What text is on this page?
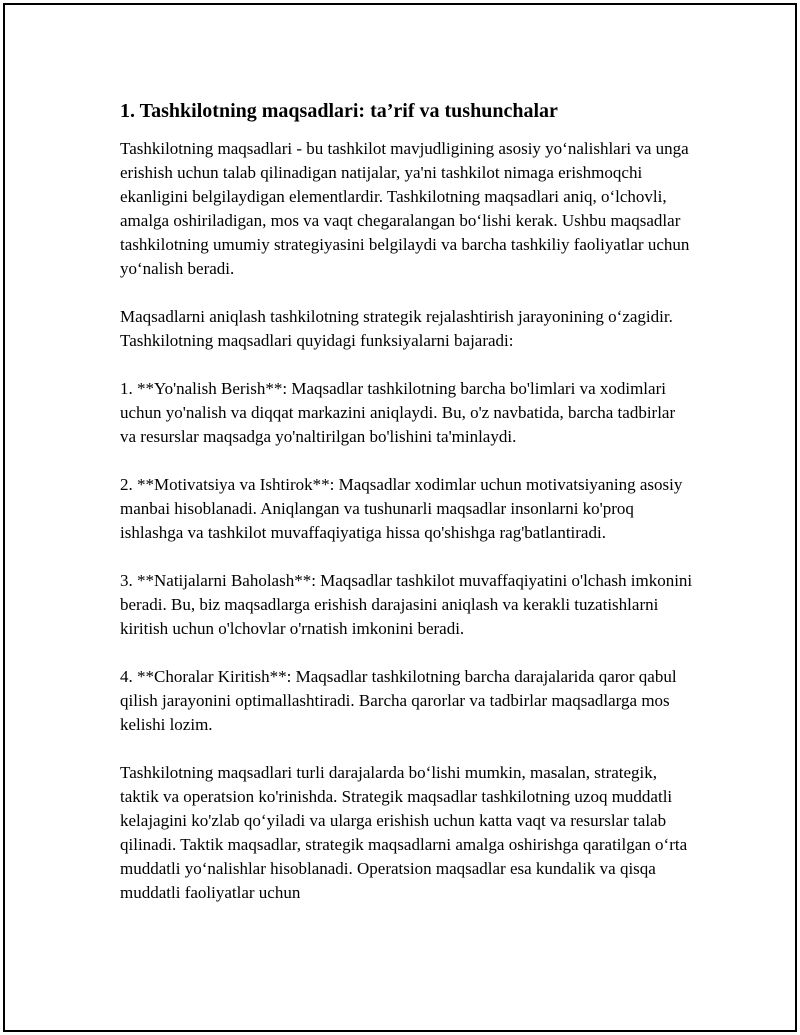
1. Tashkilotning maqsadlari: ta’rif va tushunchalar

Tashkilotning maqsadlari - bu tashkilot mavjudligining asosiy yoʻnalishlari va unga erishish uchun talab qilinadigan natijalar, ya'ni tashkilot nimaga erishmoqchi ekanligini belgilaydigan elementlardir. Tashkilotning maqsadlari aniq, oʻlchovli, amalga oshiriladigan, mos va vaqt chegaralangan boʻlishi kerak. Ushbu maqsadlar tashkilotning umumiy strategiyasini belgilaydi va barcha tashkiliy faoliyatlar uchun yoʻnalish beradi.

Maqsadlarni aniqlash tashkilotning strategik rejalashtirish jarayonining oʻzagidir. Tashkilotning maqsadlari quyidagi funksiyalarni bajaradi:

1. **Yo'nalish Berish**: Maqsadlar tashkilotning barcha bo'limlari va xodimlari uchun yo'nalish va diqqat markazini aniqlaydi. Bu, o'z navbatida, barcha tadbirlar va resurslar maqsadga yo'naltirilgan bo'lishini ta'minlaydi.

2. **Motivatsiya va Ishtirok**: Maqsadlar xodimlar uchun motivatsiyaning asosiy manbai hisoblanadi. Aniqlangan va tushunarli maqsadlar insonlarni ko'proq ishlashga va tashkilot muvaffaqiyatiga hissa qo'shishga rag'batlantiradi.

3. **Natijalarni Baholash**: Maqsadlar tashkilot muvaffaqiyatini o'lchash imkonini beradi. Bu, biz maqsadlarga erishish darajasini aniqlash va kerakli tuzatishlarni kiritish uchun o'lchovlar o'rnatish imkonini beradi.

4. **Choralar Kiritish**: Maqsadlar tashkilotning barcha darajalarida qaror qabul qilish jarayonini optimallashtiradi. Barcha qarorlar va tadbirlar maqsadlarga mos kelishi lozim.

Tashkilotning maqsadlari turli darajalarda boʻlishi mumkin, masalan, strategik, taktik va operatsion ko'rinishda. Strategik maqsadlar tashkilotning uzoq muddatli kelajagini ko'zlab qoʻyiladi va ularga erishish uchun katta vaqt va resurslar talab qilinadi. Taktik maqsadlar, strategik maqsadlarni amalga oshirishga qaratilgan oʻrta muddatli yoʻnalishlar hisoblanadi. Operatsion maqsadlar esa kundalik va qisqa muddatli faoliyatlar uchun
